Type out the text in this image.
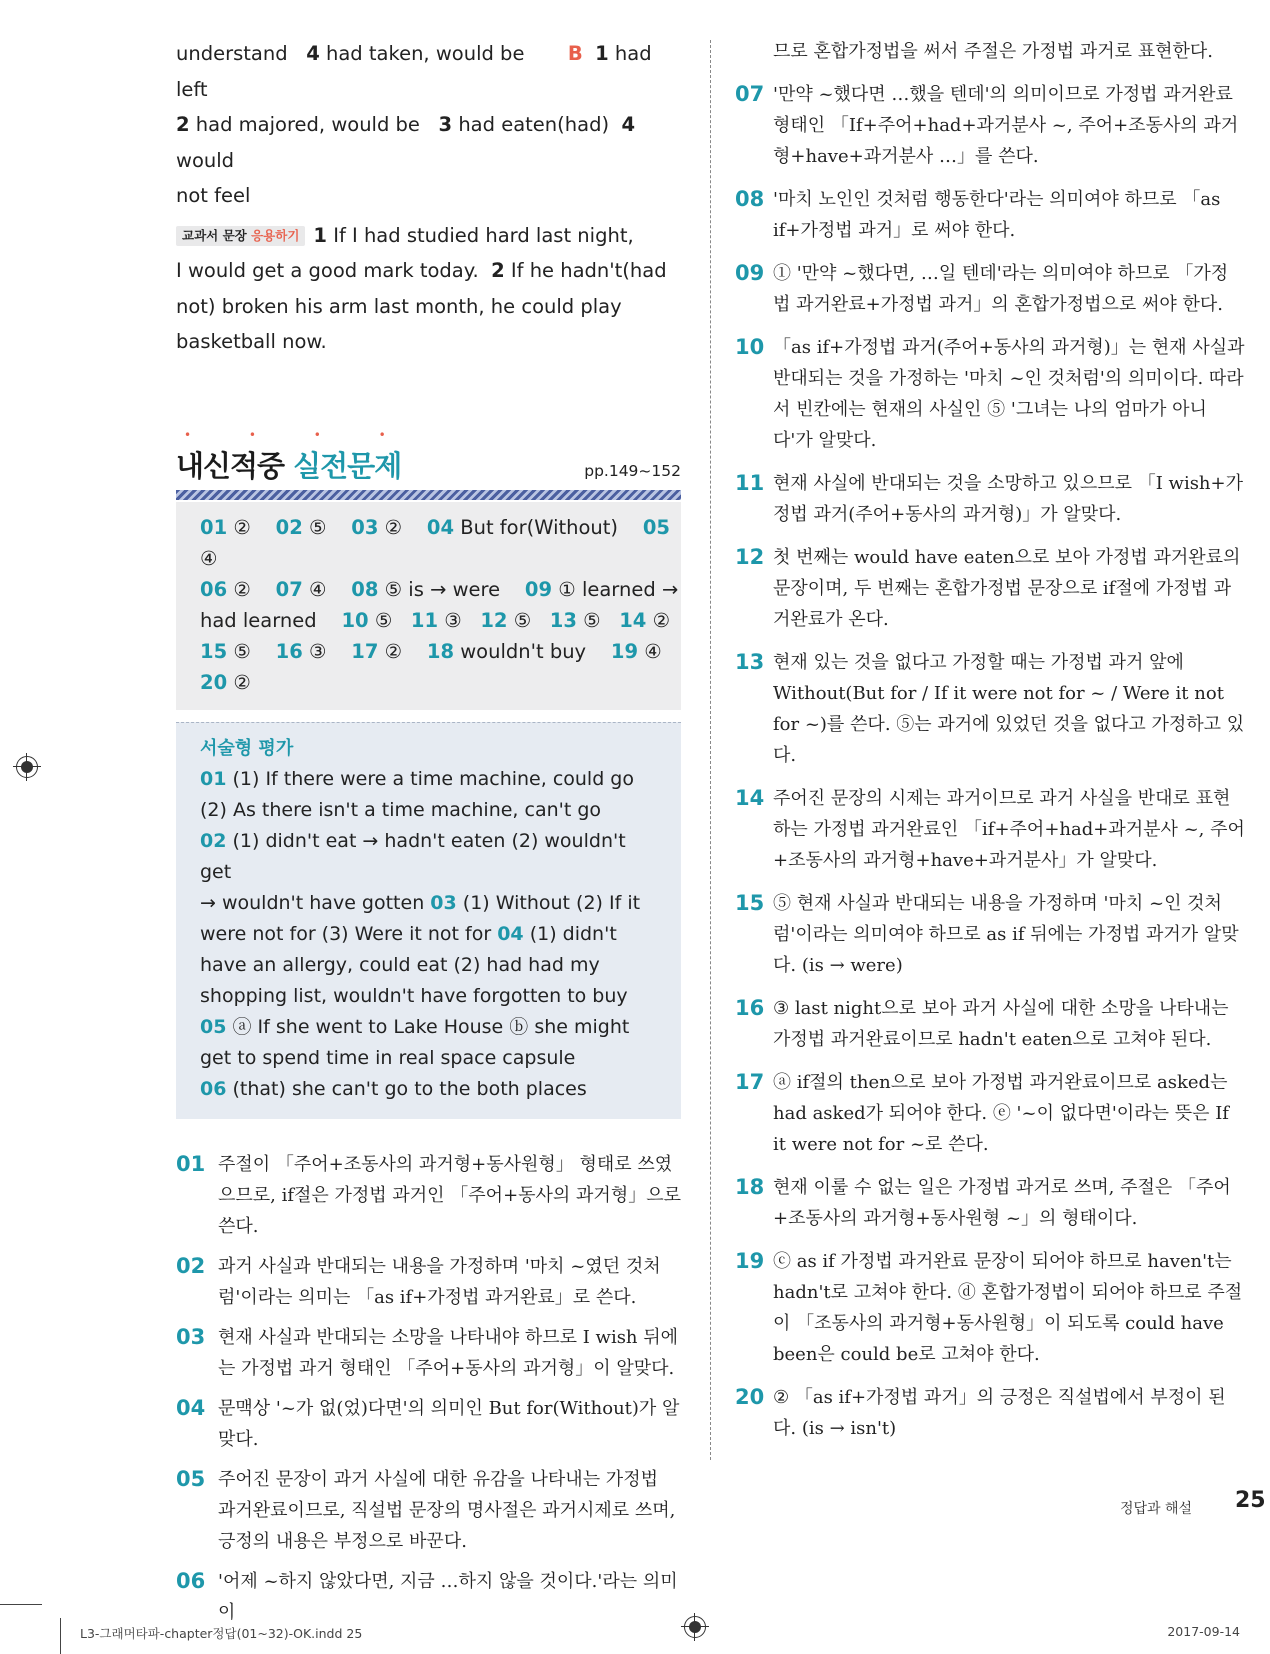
understand 4 had taken, would be B 1 had left
2 had majored, would be 3 had eaten(had) 4 would
not feel
교과서 문장 응용하기 1 If I had studied hard last night,
I would get a good mark today. 2 If he hadn't(had
not) broken his arm last month, he could play
basketball now.
• • • •
내신적중 실전문제	pp.149~152
01 ② 02 ⑤ 03 ② 04 But for(Without) 05 ④
06 ② 07 ④ 08 ⑤ is → were 09 ① learned →
had learned 10 ⑤ 11 ③ 12 ⑤ 13 ⑤ 14 ②
15 ⑤ 16 ③ 17 ② 18 wouldn't buy 19 ④
20 ②
서술형 평가
01 (1) If there were a time machine, could go
(2) As there isn't a time machine, can't go
02 (1) didn't eat → hadn't eaten (2) wouldn't get
→ wouldn't have gotten 03 (1) Without (2) If it
were not for (3) Were it not for 04 (1) didn't
have an allergy, could eat (2) had had my
shopping list, wouldn't have forgotten to buy
05 ⓐ If she went to Lake House ⓑ she might
get to spend time in real space capsule
06 (that) she can't go to the both places
01 주절이 「주어+조동사의 과거형+동사원형」 형태로 쓰였으므로, if절은 가정법 과거인 「주어+동사의 과거형」으로 쓴다.
02 과거 사실과 반대되는 내용을 가정하며 '마치 ~였던 것처럼'이라는 의미는 「as if+가정법 과거완료」로 쓴다.
03 현재 사실과 반대되는 소망을 나타내야 하므로 I wish 뒤에는 가정법 과거 형태인 「주어+동사의 과거형」이 알맞다.
04 문맥상 '~가 없(었)다면'의 의미인 But for(Without)가 알맞다.
05 주어진 문장이 과거 사실에 대한 유감을 나타내는 가정법 과거완료이므로, 직설법 문장의 명사절은 과거시제로 쓰며, 긍정의 내용은 부정으로 바꾼다.
06 '어제 ~하지 않았다면, 지금 …하지 않을 것이다.'라는 의미이
므로 혼합가정법을 써서 주절은 가정법 과거로 표현한다.
07 '만약 ~했다면 …했을 텐데'의 의미이므로 가정법 과거완료 형태인 「If+주어+had+과거분사 ~, 주어+조동사의 과거형+have+과거분사 …」를 쓴다.
08 '마치 노인인 것처럼 행동한다'라는 의미여야 하므로 「as if+가정법 과거」로 써야 한다.
09 ① '만약 ~했다면, …일 텐데'라는 의미여야 하므로 「가정법 과거완료+가정법 과거」의 혼합가정법으로 써야 한다.
10 「as if+가정법 과거(주어+동사의 과거형)」는 현재 사실과 반대되는 것을 가정하는 '마치 ~인 것처럼'의 의미이다. 따라서 빈칸에는 현재의 사실인 ⑤ '그녀는 나의 엄마가 아니다'가 알맞다.
11 현재 사실에 반대되는 것을 소망하고 있으므로 「I wish+가정법 과거(주어+동사의 과거형)」가 알맞다.
12 첫 번째는 would have eaten으로 보아 가정법 과거완료의 문장이며, 두 번째는 혼합가정법 문장으로 if절에 가정법 과거완료가 온다.
13 현재 있는 것을 없다고 가정할 때는 가정법 과거 앞에 Without(But for / If it were not for ~ / Were it not for ~)를 쓴다. ⑤는 과거에 있었던 것을 없다고 가정하고 있다.
14 주어진 문장의 시제는 과거이므로 과거 사실을 반대로 표현하는 가정법 과거완료인 「if+주어+had+과거분사 ~, 주어+조동사의 과거형+have+과거분사」가 알맞다.
15 ⑤ 현재 사실과 반대되는 내용을 가정하며 '마치 ~인 것처럼'이라는 의미여야 하므로 as if 뒤에는 가정법 과거가 알맞다. (is → were)
16 ③ last night으로 보아 과거 사실에 대한 소망을 나타내는 가정법 과거완료이므로 hadn't eaten으로 고쳐야 된다.
17 ⓐ if절의 then으로 보아 가정법 과거완료이므로 asked는 had asked가 되어야 한다. ⓔ '~이 없다면'이라는 뜻은 If it were not for ~로 쓴다.
18 현재 이룰 수 없는 일은 가정법 과거로 쓰며, 주절은 「주어+조동사의 과거형+동사원형 ~」의 형태이다.
19 ⓒ as if 가정법 과거완료 문장이 되어야 하므로 haven't는 hadn't로 고쳐야 한다. ⓓ 혼합가정법이 되어야 하므로 주절이 「조동사의 과거형+동사원형」이 되도록 could have been은 could be로 고쳐야 한다.
20 ② 「as if+가정법 과거」의 긍정은 직설법에서 부정이 된다. (is → isn't)
정답과 해설 25
L3-그래머타파-chapter정답(01~32)-OK.indd 25	2017-09-14
